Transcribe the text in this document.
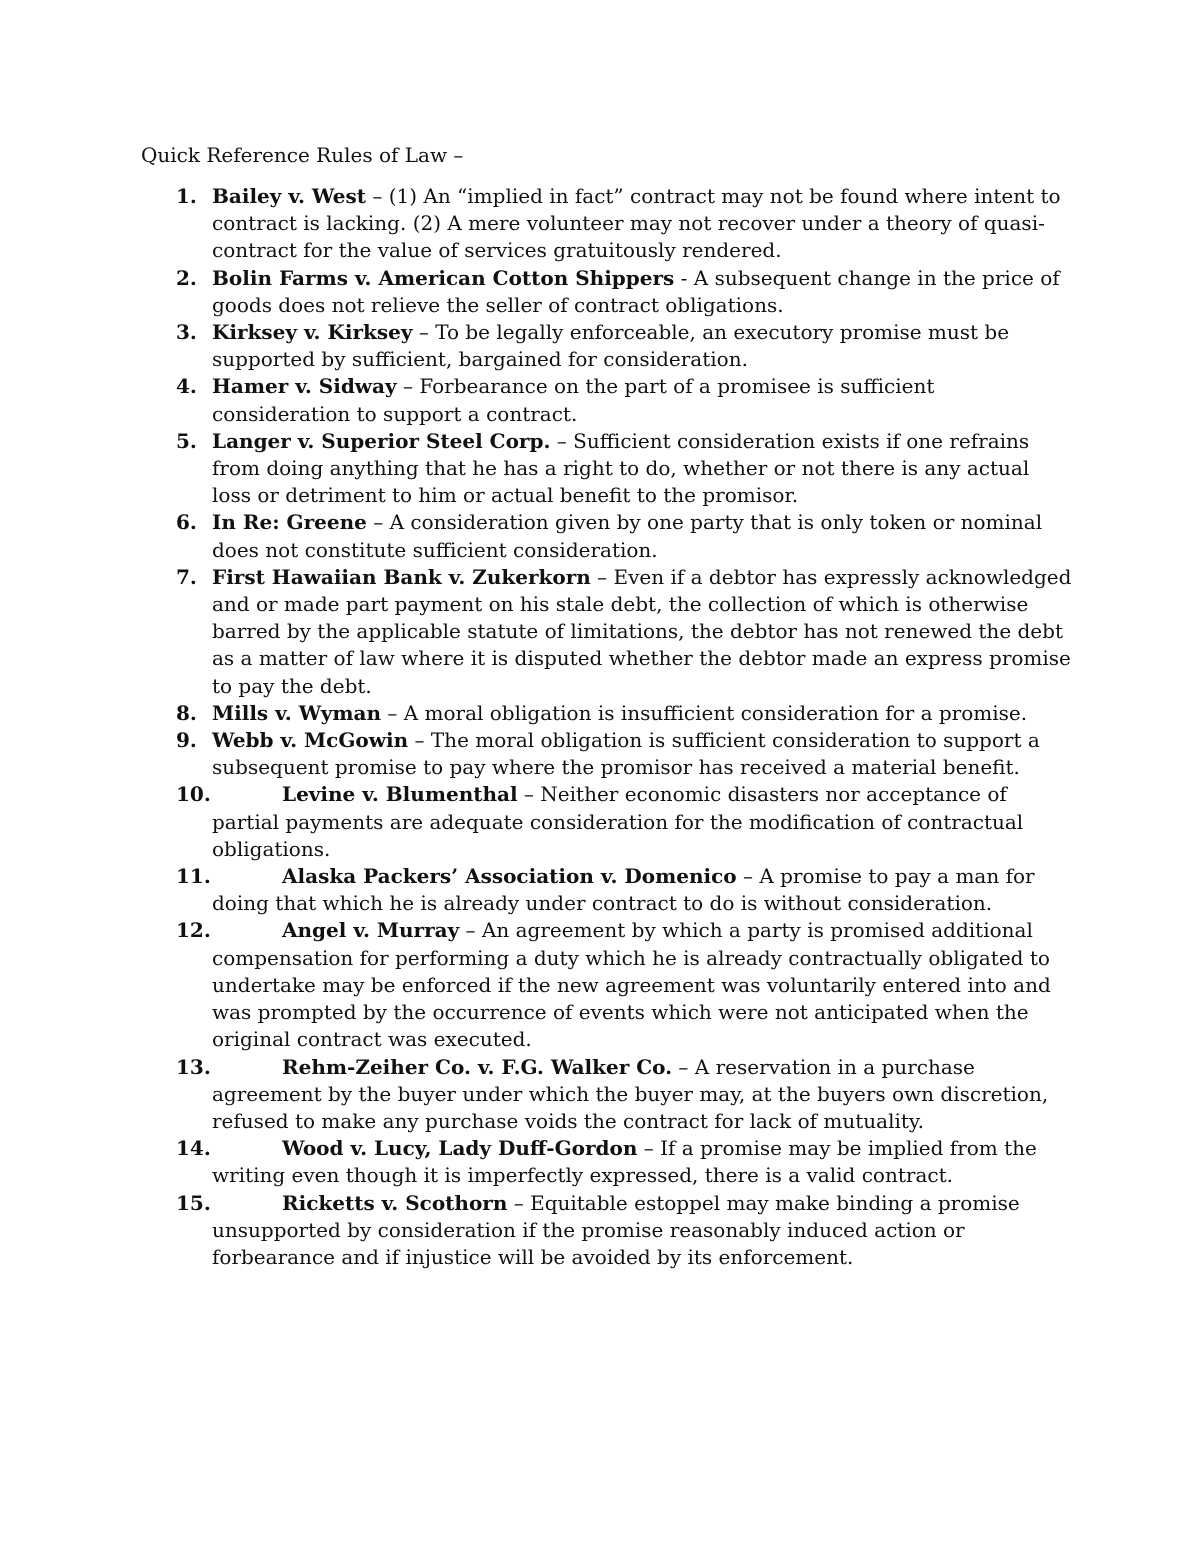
Quick Reference Rules of Law –
1. Bailey v. West – (1) An “implied in fact” contract may not be found where intent to contract is lacking. (2) A mere volunteer may not recover under a theory of quasi-contract for the value of services gratuitously rendered.
2. Bolin Farms v. American Cotton Shippers - A subsequent change in the price of goods does not relieve the seller of contract obligations.
3. Kirksey v. Kirksey – To be legally enforceable, an executory promise must be supported by sufficient, bargained for consideration.
4. Hamer v. Sidway – Forbearance on the part of a promisee is sufficient consideration to support a contract.
5. Langer v. Superior Steel Corp. – Sufficient consideration exists if one refrains from doing anything that he has a right to do, whether or not there is any actual loss or detriment to him or actual benefit to the promisor.
6. In Re: Greene – A consideration given by one party that is only token or nominal does not constitute sufficient consideration.
7. First Hawaiian Bank v. Zukerkorn – Even if a debtor has expressly acknowledged and or made part payment on his stale debt, the collection of which is otherwise barred by the applicable statute of limitations, the debtor has not renewed the debt as a matter of law where it is disputed whether the debtor made an express promise to pay the debt.
8. Mills v. Wyman – A moral obligation is insufficient consideration for a promise.
9. Webb v. McGowin – The moral obligation is sufficient consideration to support a subsequent promise to pay where the promisor has received a material benefit.
10.	Levine v. Blumenthal – Neither economic disasters nor acceptance of partial payments are adequate consideration for the modification of contractual obligations.
11.	Alaska Packers’ Association v. Domenico – A promise to pay a man for doing that which he is already under contract to do is without consideration.
12.	Angel v. Murray – An agreement by which a party is promised additional compensation for performing a duty which he is already contractually obligated to undertake may be enforced if the new agreement was voluntarily entered into and was prompted by the occurrence of events which were not anticipated when the original contract was executed.
13.	Rehm-Zeiher Co. v. F.G. Walker Co. – A reservation in a purchase agreement by the buyer under which the buyer may, at the buyers own discretion, refused to make any purchase voids the contract for lack of mutuality.
14.	Wood v. Lucy, Lady Duff-Gordon – If a promise may be implied from the writing even though it is imperfectly expressed, there is a valid contract.
15.	Ricketts v. Scothorn – Equitable estoppel may make binding a promise unsupported by consideration if the promise reasonably induced action or forbearance and if injustice will be avoided by its enforcement.
